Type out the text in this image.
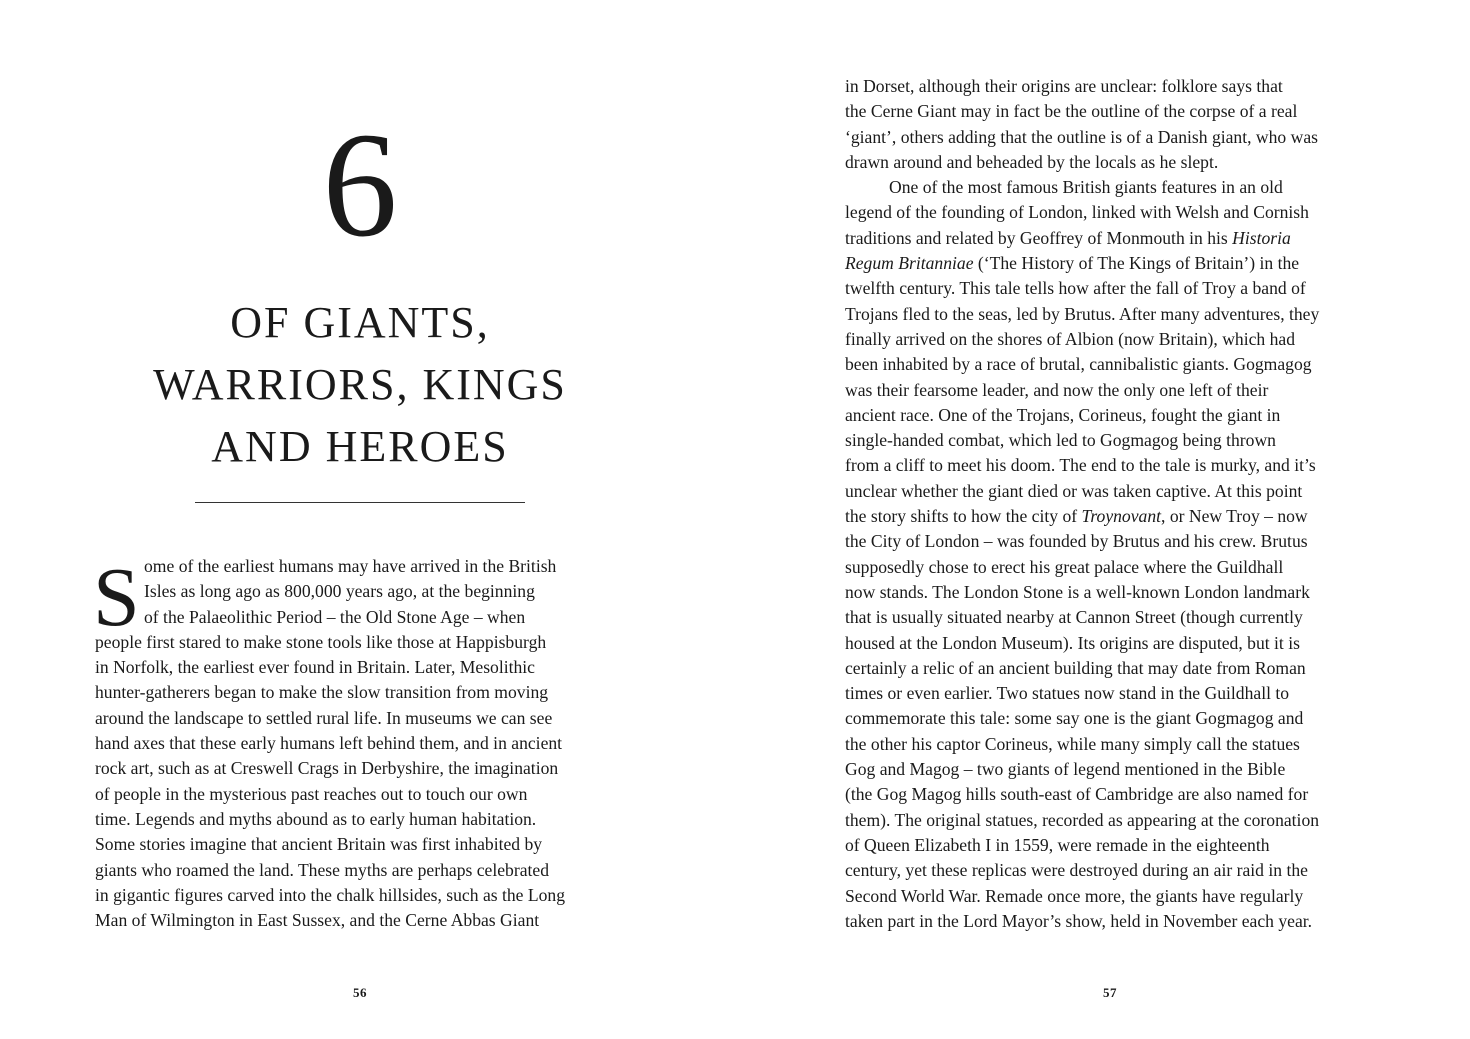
6
OF GIANTS,
WARRIORS, KINGS
AND HEROES
S ome of the earliest humans may have arrived in the British
Isles as long ago as 800,000 years ago, at the beginning
of the Palaeolithic Period – the Old Stone Age – when
people first stared to make stone tools like those at Happisburgh
in Norfolk, the earliest ever found in Britain. Later, Mesolithic
hunter-gatherers began to make the slow transition from moving
around the landscape to settled rural life. In museums we can see
hand axes that these early humans left behind them, and in ancient
rock art, such as at Creswell Crags in Derbyshire, the imagination
of people in the mysterious past reaches out to touch our own
time. Legends and myths abound as to early human habitation.
Some stories imagine that ancient Britain was first inhabited by
giants who roamed the land. These myths are perhaps celebrated
in gigantic figures carved into the chalk hillsides, such as the Long
Man of Wilmington in East Sussex, and the Cerne Abbas Giant
56
in Dorset, although their origins are unclear: folklore says that
the Cerne Giant may in fact be the outline of the corpse of a real
‘giant’, others adding that the outline is of a Danish giant, who was
drawn around and beheaded by the locals as he slept.
One of the most famous British giants features in an old
legend of the founding of London, linked with Welsh and Cornish
traditions and related by Geoffrey of Monmouth in his Historia
Regum Britanniae (‘The History of The Kings of Britain’) in the
twelfth century. This tale tells how after the fall of Troy a band of
Trojans fled to the seas, led by Brutus. After many adventures, they
finally arrived on the shores of Albion (now Britain), which had
been inhabited by a race of brutal, cannibalistic giants. Gogmagog
was their fearsome leader, and now the only one left of their
ancient race. One of the Trojans, Corineus, fought the giant in
single-handed combat, which led to Gogmagog being thrown
from a cliff to meet his doom. The end to the tale is murky, and it’s
unclear whether the giant died or was taken captive. At this point
the story shifts to how the city of Troynovant, or New Troy – now
the City of London – was founded by Brutus and his crew. Brutus
supposedly chose to erect his great palace where the Guildhall
now stands. The London Stone is a well-known London landmark
that is usually situated nearby at Cannon Street (though currently
housed at the London Museum). Its origins are disputed, but it is
certainly a relic of an ancient building that may date from Roman
times or even earlier. Two statues now stand in the Guildhall to
commemorate this tale: some say one is the giant Gogmagog and
the other his captor Corineus, while many simply call the statues
Gog and Magog – two giants of legend mentioned in the Bible
(the Gog Magog hills south-east of Cambridge are also named for
them). The original statues, recorded as appearing at the coronation
of Queen Elizabeth I in 1559, were remade in the eighteenth
century, yet these replicas were destroyed during an air raid in the
Second World War. Remade once more, the giants have regularly
taken part in the Lord Mayor’s show, held in November each year.
57
